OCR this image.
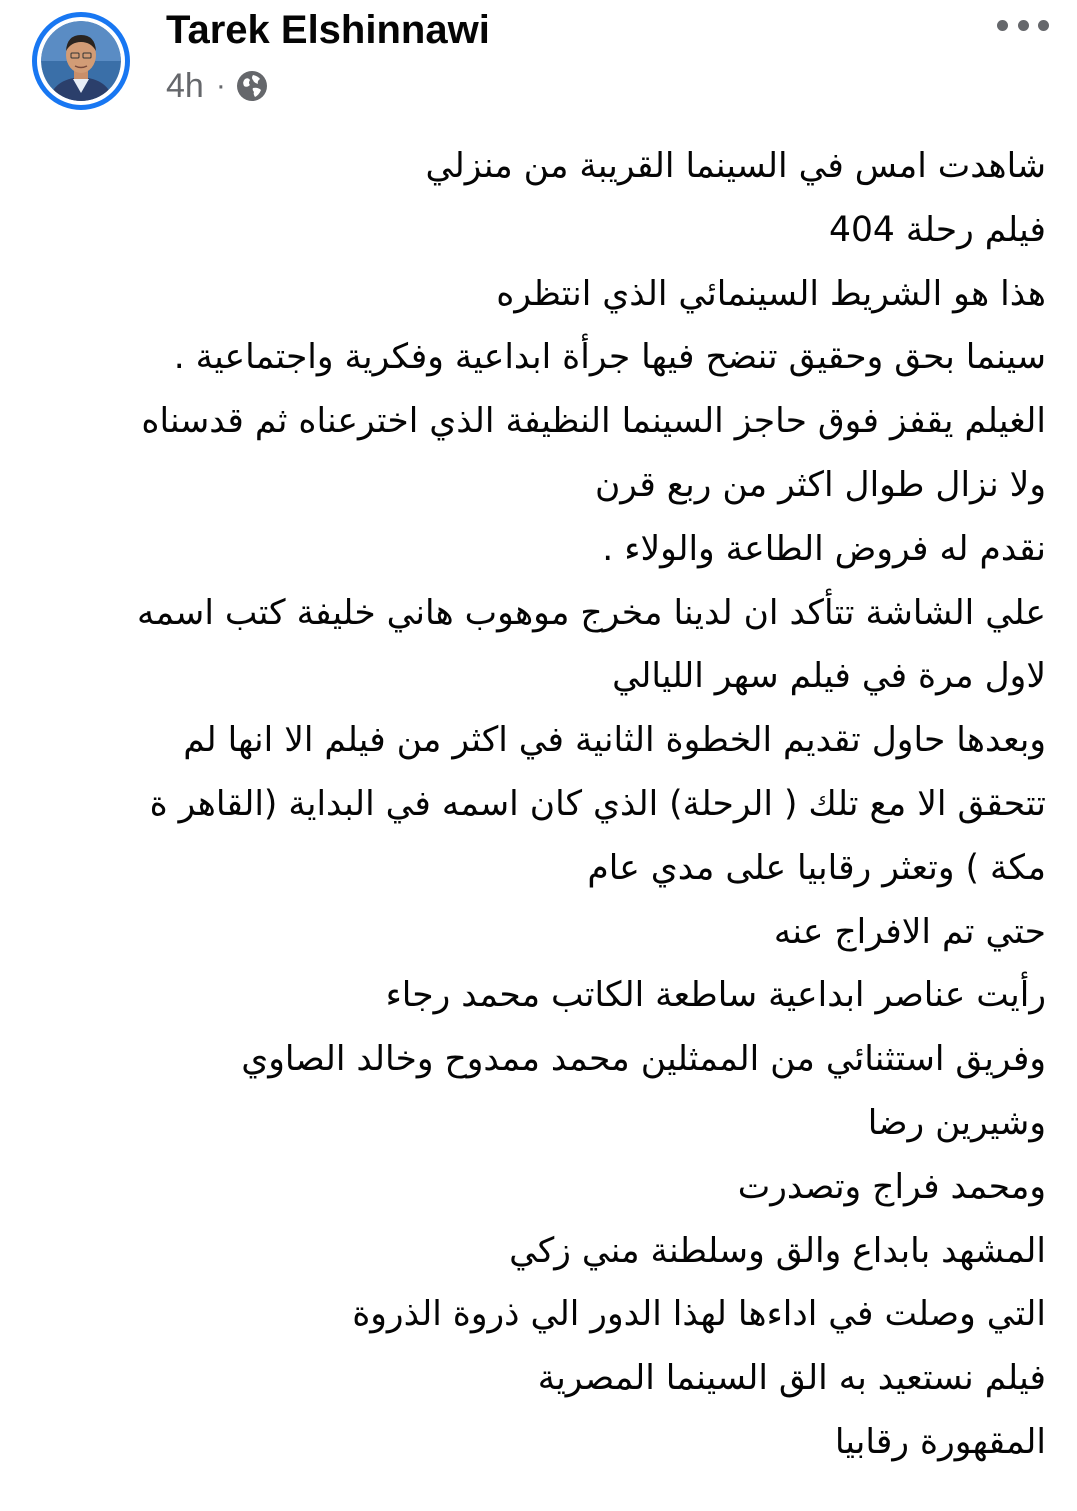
Tarek Elshinnawi
4h ·
شاهدت امس في السينما القريبة من منزلي
فيلم رحلة 404
هذا هو الشريط السينمائي الذي انتظره
سينما بحق وحقيق تنضح فيها جرأة ابداعية وفكرية واجتماعية .
الغيلم يقفز فوق حاجز السينما النظيفة الذي اخترعناه ثم قدسناه
ولا نزال طوال اكثر من ربع قرن
نقدم له فروض الطاعة والولاء .
علي الشاشة تتأكد ان لدينا مخرج موهوب هاني خليفة كتب اسمه
لاول مرة في فيلم سهر الليالي
وبعدها حاول تقديم الخطوة الثانية في اكثر من فيلم الا انها لم
تتحقق الا مع تلك ( الرحلة) الذي كان اسمه في البداية (القاهر ة
مكة ) وتعثر رقابيا على مدي عام
حتي تم الافراج عنه
رأيت عناصر ابداعية ساطعة الكاتب محمد رجاء
وفريق استثنائي من الممثلين محمد ممدوح وخالد الصاوي
وشيرين رضا
ومحمد فراج وتصدرت
المشهد بابداع والق وسلطنة مني زكي
التي وصلت في اداءها لهذا الدور الي ذروة الذروة
فيلم نستعيد به الق السينما المصرية
المقهورة رقابيا
